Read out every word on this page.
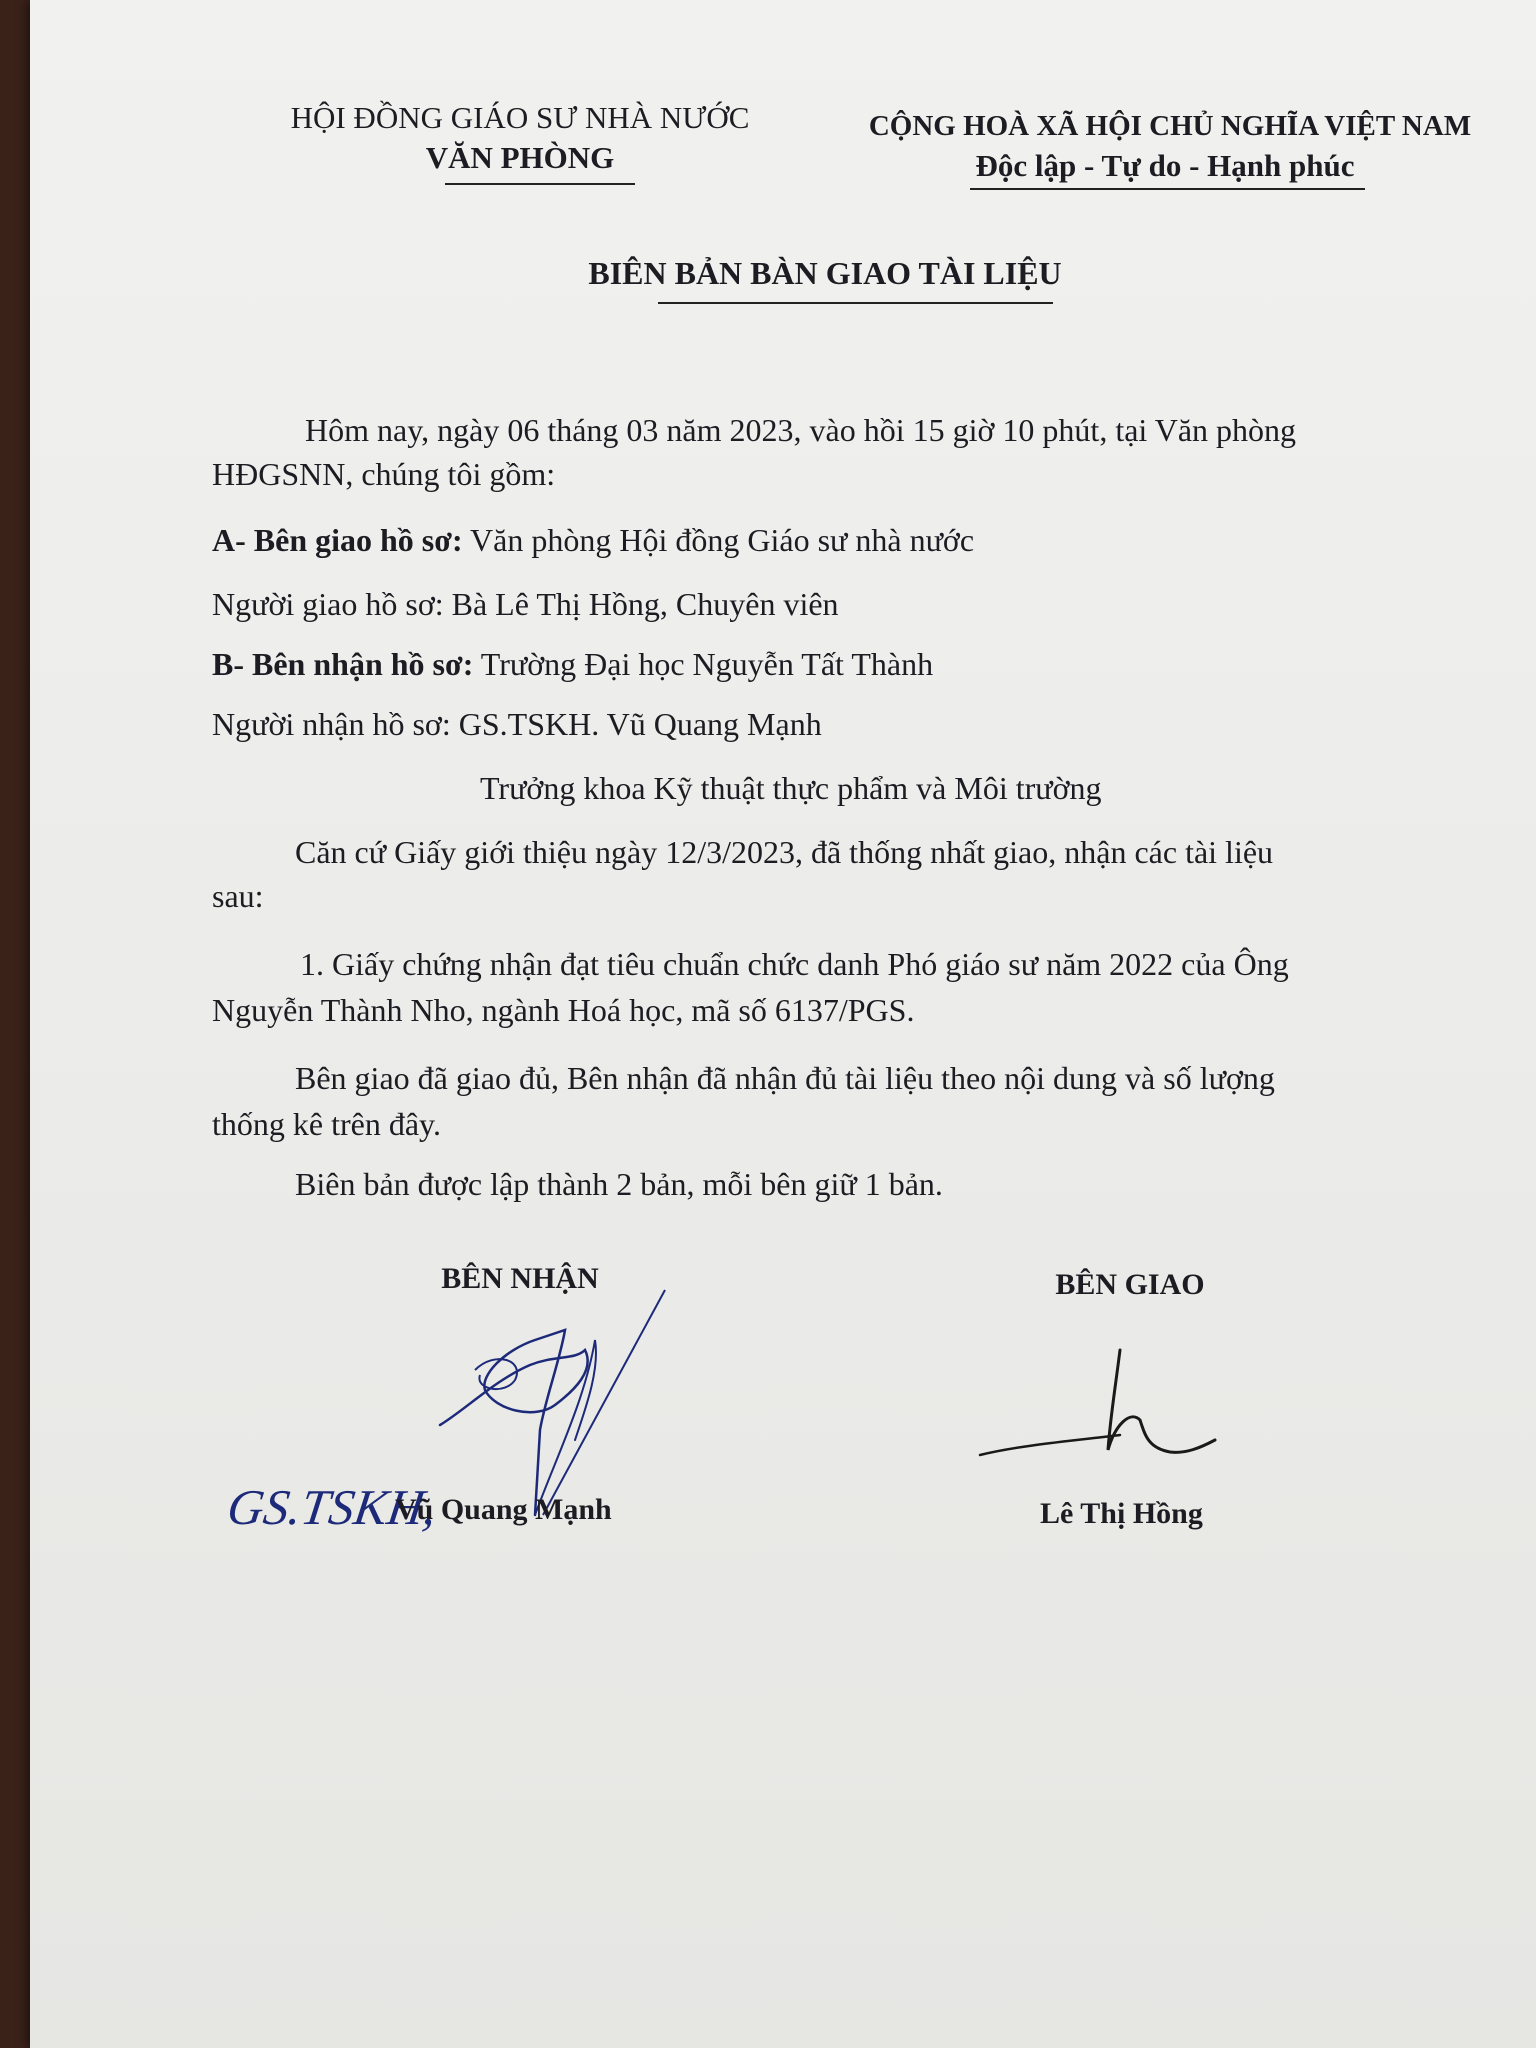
HỘI ĐỒNG GIÁO SƯ NHÀ NƯỚC
VĂN PHÒNG
CỘNG HOÀ XÃ HỘI CHỦ NGHĨA VIỆT NAM
Độc lập - Tự do - Hạnh phúc
BIÊN BẢN BÀN GIAO TÀI LIỆU
Hôm nay, ngày 06 tháng 03 năm 2023, vào hồi 15 giờ 10 phút, tại Văn phòng
HĐGSNN, chúng tôi gồm:
A- Bên giao hồ sơ: Văn phòng Hội đồng Giáo sư nhà nước
Người giao hồ sơ: Bà Lê Thị Hồng, Chuyên viên
B- Bên nhận hồ sơ: Trường Đại học Nguyễn Tất Thành
Người nhận hồ sơ: GS.TSKH. Vũ Quang Mạnh
Trưởng khoa Kỹ thuật thực phẩm và Môi trường
Căn cứ Giấy giới thiệu ngày 12/3/2023, đã thống nhất giao, nhận các tài liệu
sau:
1. Giấy chứng nhận đạt tiêu chuẩn chức danh Phó giáo sư năm 2022 của Ông
Nguyễn Thành Nho, ngành Hoá học, mã số 6137/PGS.
Bên giao đã giao đủ, Bên nhận đã nhận đủ tài liệu theo nội dung và số lượng
thống kê trên đây.
Biên bản được lập thành 2 bản, mỗi bên giữ 1 bản.
BÊN NHẬN	BÊN GIAO
GS.TSKH,
Vũ Quang Mạnh	Lê Thị Hồng
